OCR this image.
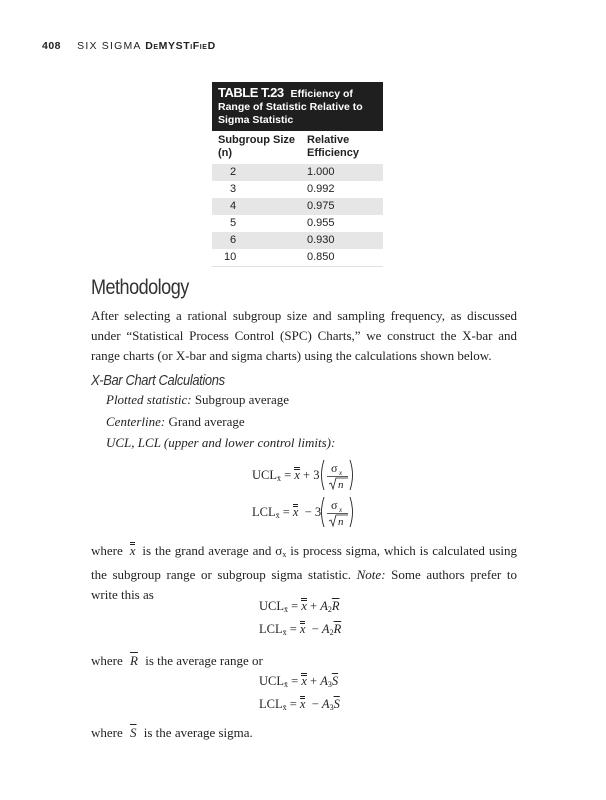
408 SIX SIGMA DeMYSTiFieD
TABLE T.23 Efficiency of Range of Statistic Relative to Sigma Statistic
Subgroup Size (n)	Relative Efficiency
2	1.000
3	0.992
4	0.975
5	0.955
6	0.930
10	0.850
Methodology
After selecting a rational subgroup size and sampling frequency, as discussed under “Statistical Process Control (SPC) Charts,” we construct the X-bar and range charts (or X-bar and sigma charts) using the calculations shown below.
X-Bar Chart Calculations
Plotted statistic: Subgroup average
Centerline: Grand average
UCL, LCL (upper and lower control limits):
$UCL_{x̄} = x + 3$ σ x
n
$LCL_{x̄} = x - 3$ σ x
n
where x is the grand average and $\sigma_x$ is process sigma, which is calculated using the subgroup range or subgroup sigma statistic. Note: Some authors prefer to write this as
$UCL_{x̄} = x + A_2\overline{R}$
$LCL_{x̄} = x - A_2\overline{R}$
where $\overline{R}$ is the average range or
$UCL_{x̄} = x + A_3\overline{S}$
$LCL_{x̄} = x - A_3\overline{S}$
where $\overline{S}$ is the average sigma.
